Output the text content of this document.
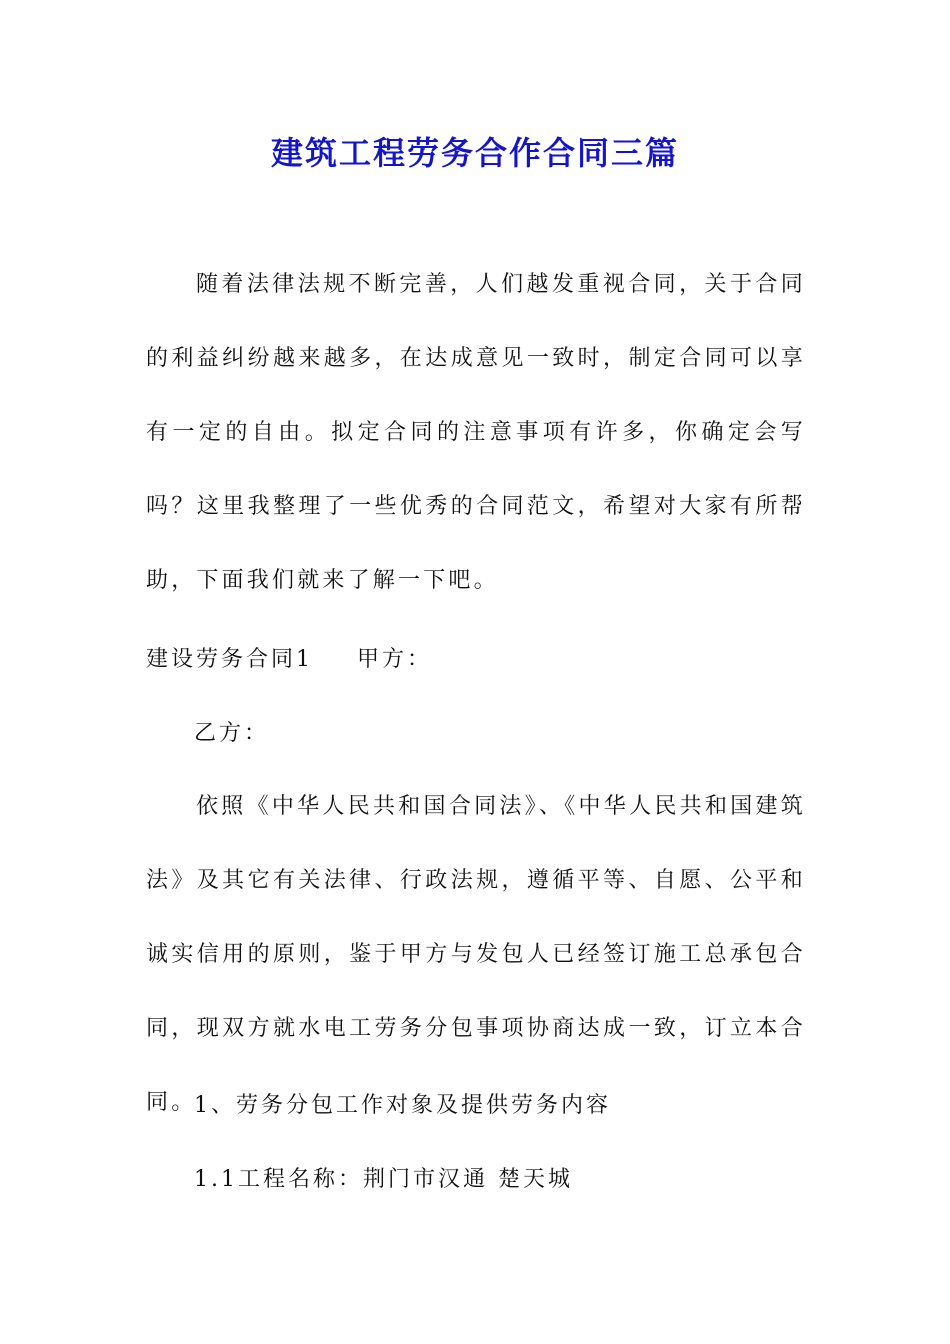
建筑工程劳务合作合同三篇
随着法律法规不断完善，人们越发重视合同，关于合同的利益纠纷越来越多，在达成意见一致时，制定合同可以享有一定的自由。拟定合同的注意事项有许多，你确定会写吗？这里我整理了一些优秀的合同范文，希望对大家有所帮助，下面我们就来了解一下吧。
建设劳务合同1 甲方：
乙方：
依照《中华人民共和国合同法》、《中华人民共和国建筑法》及其它有关法律、行政法规，遵循平等、自愿、公平和诚实信用的原则，鉴于甲方与发包人已经签订施工总承包合同，现双方就水电工劳务分包事项协商达成一致，订立本合同。
1、劳务分包工作对象及提供劳务内容
1.1工程名称：荆门市汉通 楚天城
